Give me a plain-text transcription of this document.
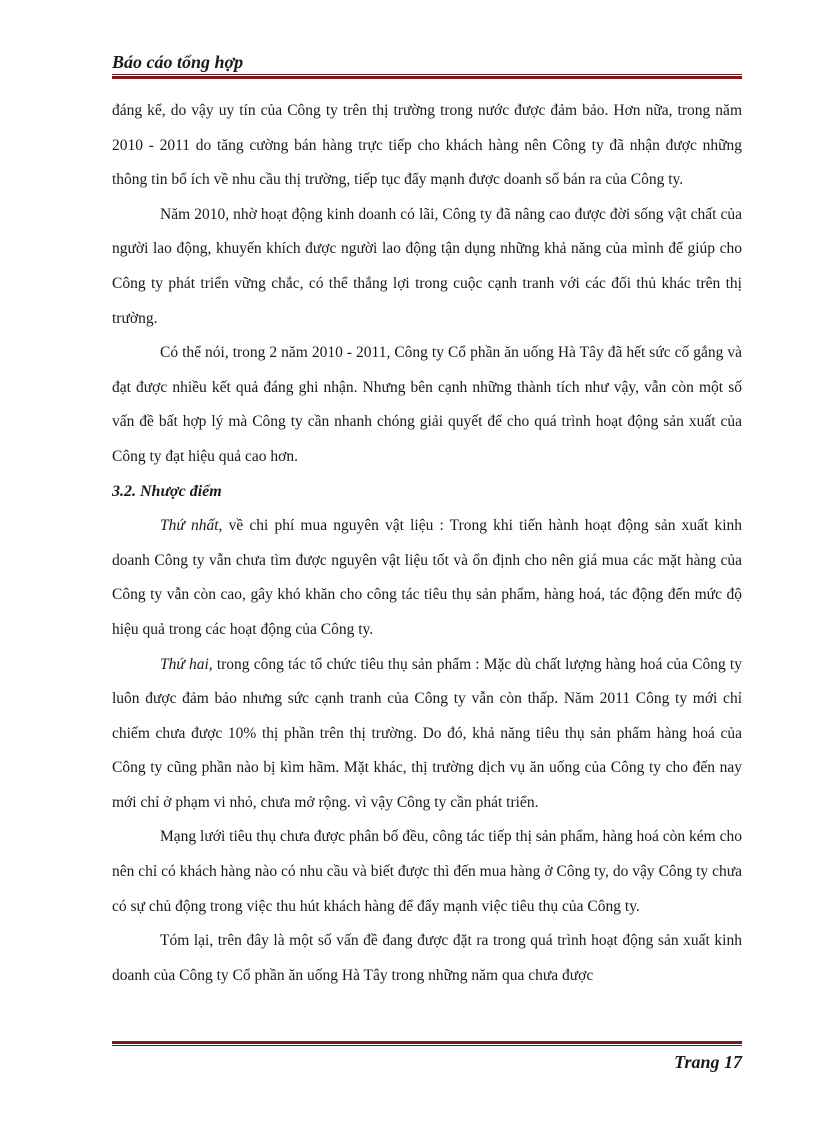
Báo cáo tổng hợp

đáng kể, do vậy uy tín của Công ty trên thị trường trong nước được đảm bảo. Hơn nữa, trong năm 2010 - 2011 do tăng cường bán hàng trực tiếp cho khách hàng nên Công ty đã nhận được những thông tin bổ ích về nhu cầu thị trường, tiếp tục đẩy mạnh được doanh số bán ra của Công ty.

Năm 2010, nhờ hoạt động kinh doanh có lãi, Công ty đã nâng cao được đời sống vật chất của người lao động, khuyến khích được người lao động tận dụng những khả năng của mình để giúp cho Công ty phát triển vững chắc, có thể thắng lợi trong cuộc cạnh tranh với các đối thủ khác trên thị trường.

Có thể nói, trong 2 năm 2010 - 2011, Công ty Cổ phần ăn uống Hà Tây đã hết sức cố gắng và đạt được nhiều kết quả đáng ghi nhận. Nhưng bên cạnh những thành tích như vậy, vẫn còn một số vấn đề bất hợp lý mà Công ty cần nhanh chóng giải quyết để cho quá trình hoạt động sản xuất của Công ty đạt hiệu quả cao hơn.

3.2. Nhược điểm

Thứ nhất, về chi phí mua nguyên vật liệu : Trong khi tiến hành hoạt động sản xuất kinh doanh Công ty vẫn chưa tìm được nguyên vật liệu tốt và ổn định cho nên giá mua các mặt hàng của Công ty vẫn còn cao, gây khó khăn cho công tác tiêu thụ sản phẩm, hàng hoá, tác động đến mức độ hiệu quả trong các hoạt động của Công ty.

Thứ hai, trong công tác tổ chức tiêu thụ sản phẩm : Mặc dù chất lượng hàng hoá của Công ty luôn được đảm bảo nhưng sức cạnh tranh của Công ty vẫn còn thấp. Năm 2011 Công ty mới chỉ chiếm chưa được 10% thị phần trên thị trường. Do đó, khả năng tiêu thụ sản phẩm hàng hoá của Công ty cũng phần nào bị kìm hãm. Mặt khác, thị trường dịch vụ ăn uống của Công ty cho đến nay mới chỉ ở phạm vi nhỏ, chưa mở rộng. vì vậy Công ty cần phát triển.

Mạng lưới tiêu thụ chưa được phân bố đều, công tác tiếp thị sản phẩm, hàng hoá còn kém cho nên chỉ có khách hàng nào có nhu cầu và biết được thì đến mua hàng ở Công ty, do vậy Công ty chưa có sự chủ động trong việc thu hút khách hàng để đẩy mạnh việc tiêu thụ của Công ty.

Tóm lại, trên đây là một số vấn đề đang được đặt ra trong quá trình hoạt động sản xuất kinh doanh của Công ty Cổ phần ăn uống Hà Tây trong những năm qua chưa được

Trang 17
